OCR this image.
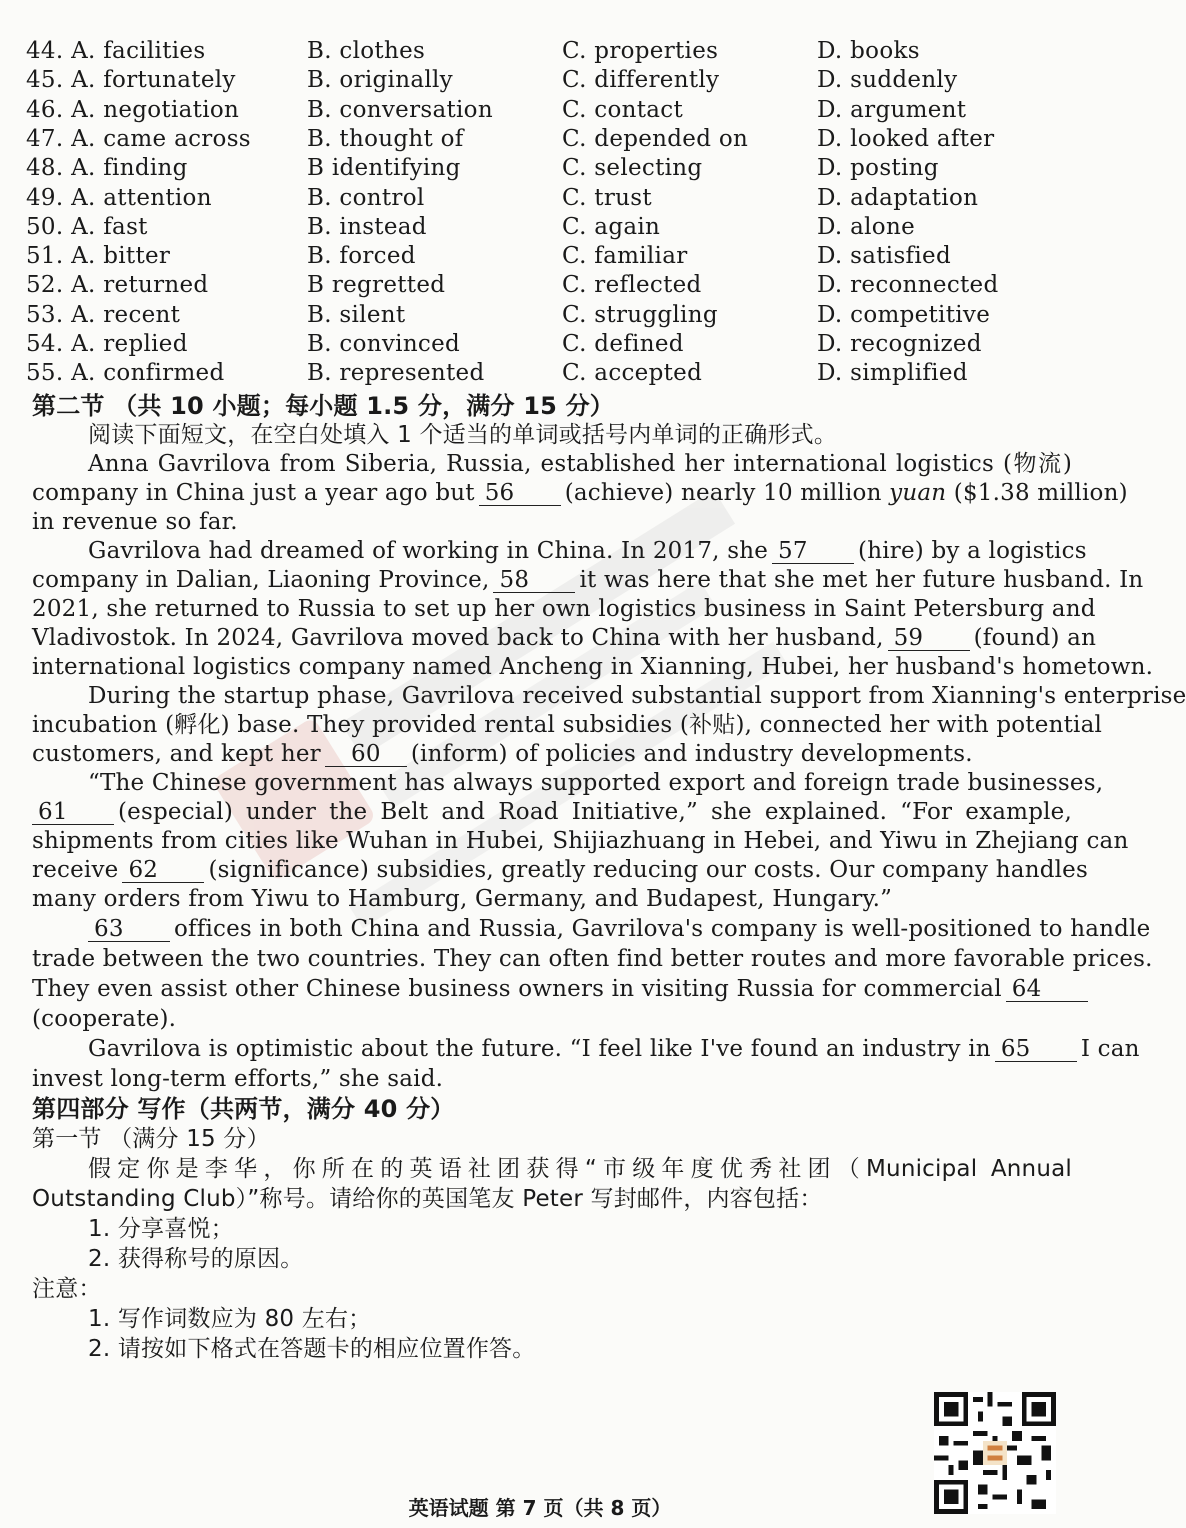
44. A. facilities	B. clothes	C. properties	D. books
45. A. fortunately	B. originally	C. differently	D. suddenly
46. A. negotiation	B. conversation	C. contact	D. argument
47. A. came across B. thought of	C. depended on	D. looked after
48. A. finding	B identifying	C. selecting	D. posting
49. A. attention	B. control	C. trust	D. adaptation
50. A. fast	B. instead	C. again	D. alone
51. A. bitter	B. forced	C. familiar	D. satisfied
52. A. returned	B regretted	C. reflected	D. reconnected
53. A. recent	B. silent	C. struggling	D. competitive
54. A. replied	B. convinced	C. defined	D. recognized
55. A. confirmed	B. represented	C. accepted	D. simplified
第二节 （共 10 小题；每小题 1.5 分，满分 15 分）
阅读下面短文，在空白处填入 1 个适当的单词或括号内单词的正确形式。
Anna Gavrilova from Siberia, Russia, established her international logistics (物流)
company in China just a year ago but 56 (achieve) nearly 10 million yuan ($1.38 million)
in revenue so far.
Gavrilova had dreamed of working in China. In 2017, she 57 (hire) by a logistics
company in Dalian, Liaoning Province, 58 it was here that she met her future husband. In
2021, she returned to Russia to set up her own logistics business in Saint Petersburg and
Vladivostok. In 2024, Gavrilova moved back to China with her husband, 59 (found) an
international logistics company named Ancheng in Xianning, Hubei, her husband's hometown.
During the startup phase, Gavrilova received substantial support from Xianning's enterprise
incubation (孵化) base. They provided rental subsidies (补贴), connected her with potential
customers, and kept her 60 (inform) of policies and industry developments.
“The Chinese government has always supported export and foreign trade businesses,
61 (especial) under the Belt and Road Initiative,” she explained. “For example,
shipments from cities like Wuhan in Hubei, Shijiazhuang in Hebei, and Yiwu in Zhejiang can
receive 62 (significance) subsidies, greatly reducing our costs. Our company handles
many orders from Yiwu to Hamburg, Germany, and Budapest, Hungary.”
63 offices in both China and Russia, Gavrilova's company is well-positioned to handle
trade between the two countries. They can often find better routes and more favorable prices.
They even assist other Chinese business owners in visiting Russia for commercial 64
(cooperate).
Gavrilova is optimistic about the future. “I feel like I've found an industry in 65 I can
invest long-term efforts,” she said.
第四部分 写作（共两节，满分 40 分）
第一节 （满分 15 分）
假定你是李华，你所在的英语社团获得“市级年度优秀社团（Municipal Annual
Outstanding Club）”称号。请给你的英国笔友 Peter 写封邮件，内容包括：
1. 分享喜悦；
2. 获得称号的原因。
注意：
1. 写作词数应为 80 左右；
2. 请按如下格式在答题卡的相应位置作答。
英语试题 第 7 页（共 8 页）
